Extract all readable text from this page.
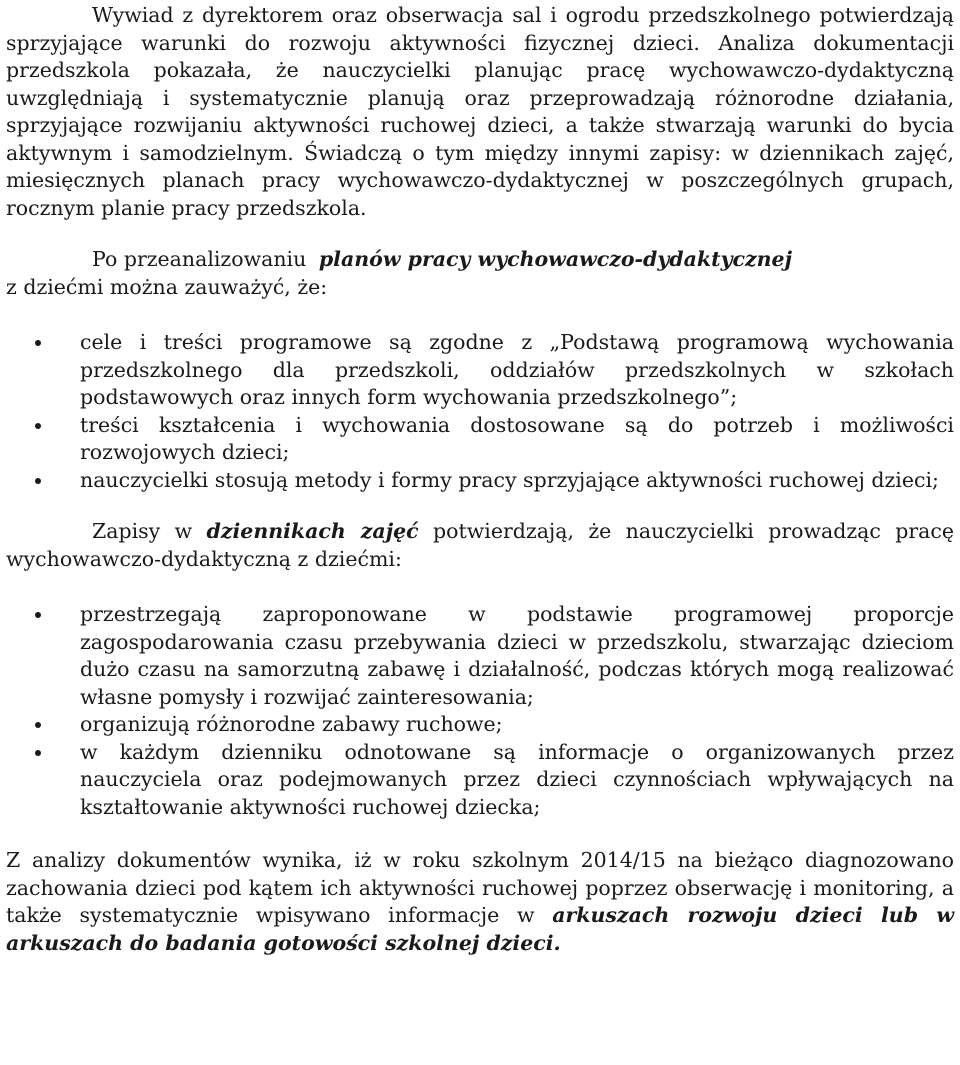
Wywiad z dyrektorem oraz obserwacja sal i ogrodu przedszkolnego potwierdzają sprzyjające warunki do rozwoju aktywności fizycznej dzieci. Analiza dokumentacji przedszkola pokazała, że nauczycielki planując pracę wychowawczo-dydaktyczną uwzględniają i systematycznie planują oraz przeprowadzają różnorodne działania, sprzyjające rozwijaniu aktywności ruchowej dzieci, a także stwarzają warunki do bycia aktywnym i samodzielnym. Świadczą o tym między innymi zapisy: w dziennikach zajęć, miesięcznych planach pracy wychowawczo-dydaktycznej w poszczególnych grupach, rocznym planie pracy przedszkola.

Po przeanalizowaniu planów pracy wychowawczo-dydaktycznej
z dziećmi można zauważyć, że:

cele i treści programowe są zgodne z „Podstawą programową wychowania przedszkolnego dla przedszkoli, oddziałów przedszkolnych w szkołach podstawowych oraz innych form wychowania przedszkolnego”;
treści kształcenia i wychowania dostosowane są do potrzeb i możliwości rozwojowych dzieci;
nauczycielki stosują metody i formy pracy sprzyjające aktywności ruchowej dzieci;

Zapisy w dziennikach zajęć potwierdzają, że nauczycielki prowadząc pracę wychowawczo-dydaktyczną z dziećmi:

przestrzegają zaproponowane w podstawie programowej proporcje zagospodarowania czasu przebywania dzieci w przedszkolu, stwarzając dzieciom dużo czasu na samorzutną zabawę i działalność, podczas których mogą realizować własne pomysły i rozwijać zainteresowania;
organizują różnorodne zabawy ruchowe;
w każdym dzienniku odnotowane są informacje o organizowanych przez nauczyciela oraz podejmowanych przez dzieci czynnościach wpływających na kształtowanie aktywności ruchowej dziecka;

Z analizy dokumentów wynika, iż w roku szkolnym 2014/15 na bieżąco diagnozowano zachowania dzieci pod kątem ich aktywności ruchowej poprzez obserwację i monitoring, a także systematycznie wpisywano informacje w arkuszach rozwoju dzieci lub w arkuszach do badania gotowości szkolnej dzieci.
